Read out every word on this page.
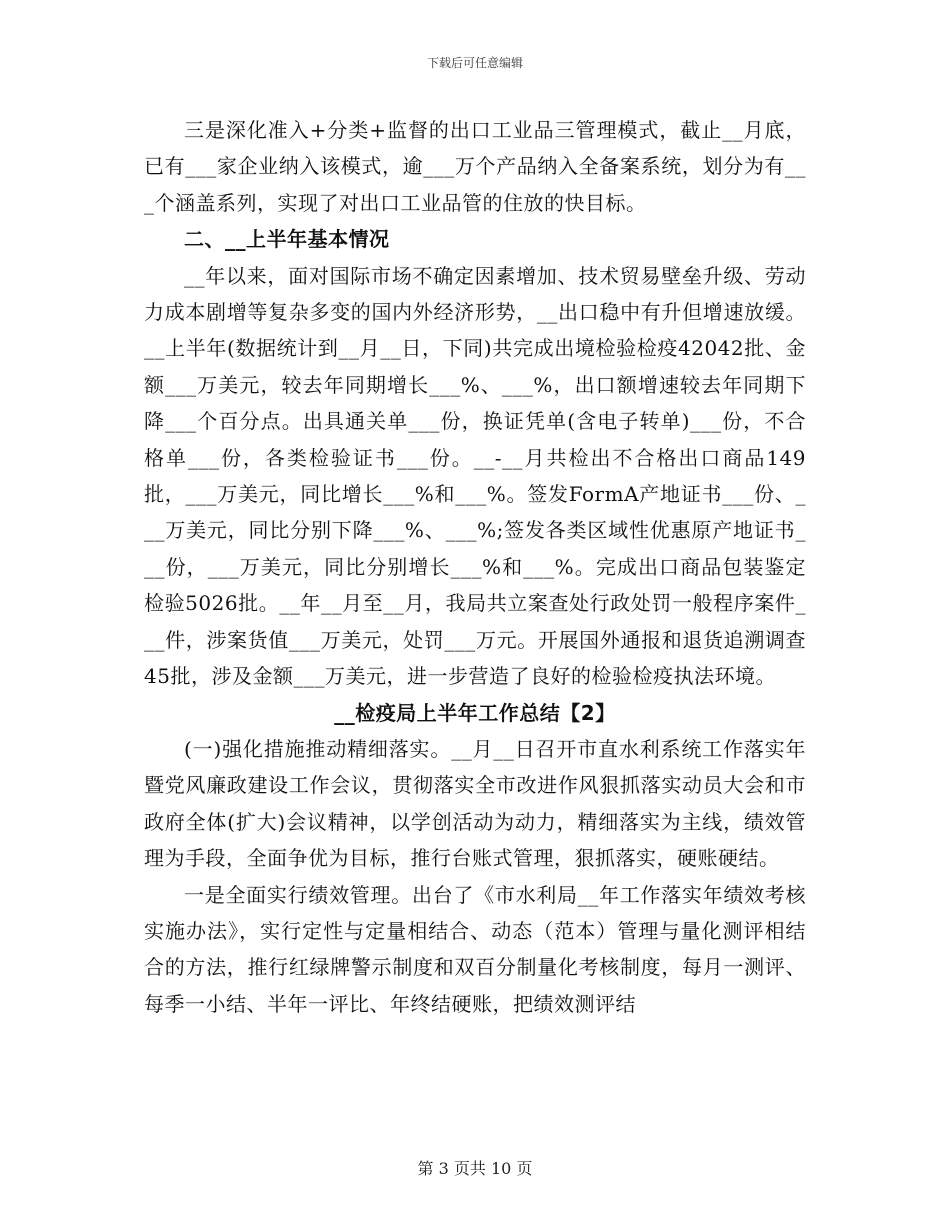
下载后可任意编辑

三是深化准入+分类+监督的出口工业品三管理模式，截止__月底，已有___家企业纳入该模式，逾___万个产品纳入全备案系统，划分为有___个涵盖系列，实现了对出口工业品管的住放的快目标。

二、__上半年基本情况

__年以来，面对国际市场不确定因素增加、技术贸易壁垒升级、劳动力成本剧增等复杂多变的国内外经济形势，__出口稳中有升但增速放缓。__上半年(数据统计到__月__日，下同)共完成出境检验检疫42042批、金额___万美元，较去年同期增长___%、___%，出口额增速较去年同期下降___个百分点。出具通关单___份，换证凭单(含电子转单)___份，不合格单___份，各类检验证书___份。__-__月共检出不合格出口商品149批，___万美元，同比增长___%和___%。签发FormA产地证书___份、___万美元，同比分别下降___%、___%;签发各类区域性优惠原产地证书___份，___万美元，同比分别增长___%和___%。完成出口商品包装鉴定检验5026批。__年__月至__月，我局共立案查处行政处罚一般程序案件___件，涉案货值___万美元，处罚___万元。开展国外通报和退货追溯调查45批，涉及金额___万美元，进一步营造了良好的检验检疫执法环境。

__检疫局上半年工作总结【2】

(一)强化措施推动精细落实。__月__日召开市直水利系统工作落实年暨党风廉政建设工作会议，贯彻落实全市改进作风狠抓落实动员大会和市政府全体(扩大)会议精神，以学创活动为动力，精细落实为主线，绩效管理为手段，全面争优为目标，推行台账式管理，狠抓落实，硬账硬结。

一是全面实行绩效管理。出台了《市水利局__年工作落实年绩效考核实施办法》，实行定性与定量相结合、动态（范本）管理与量化测评相结合的方法，推行红绿牌警示制度和双百分制量化考核制度，每月一测评、每季一小结、半年一评比、年终结硬账，把绩效测评结

第 3 页共 10 页
